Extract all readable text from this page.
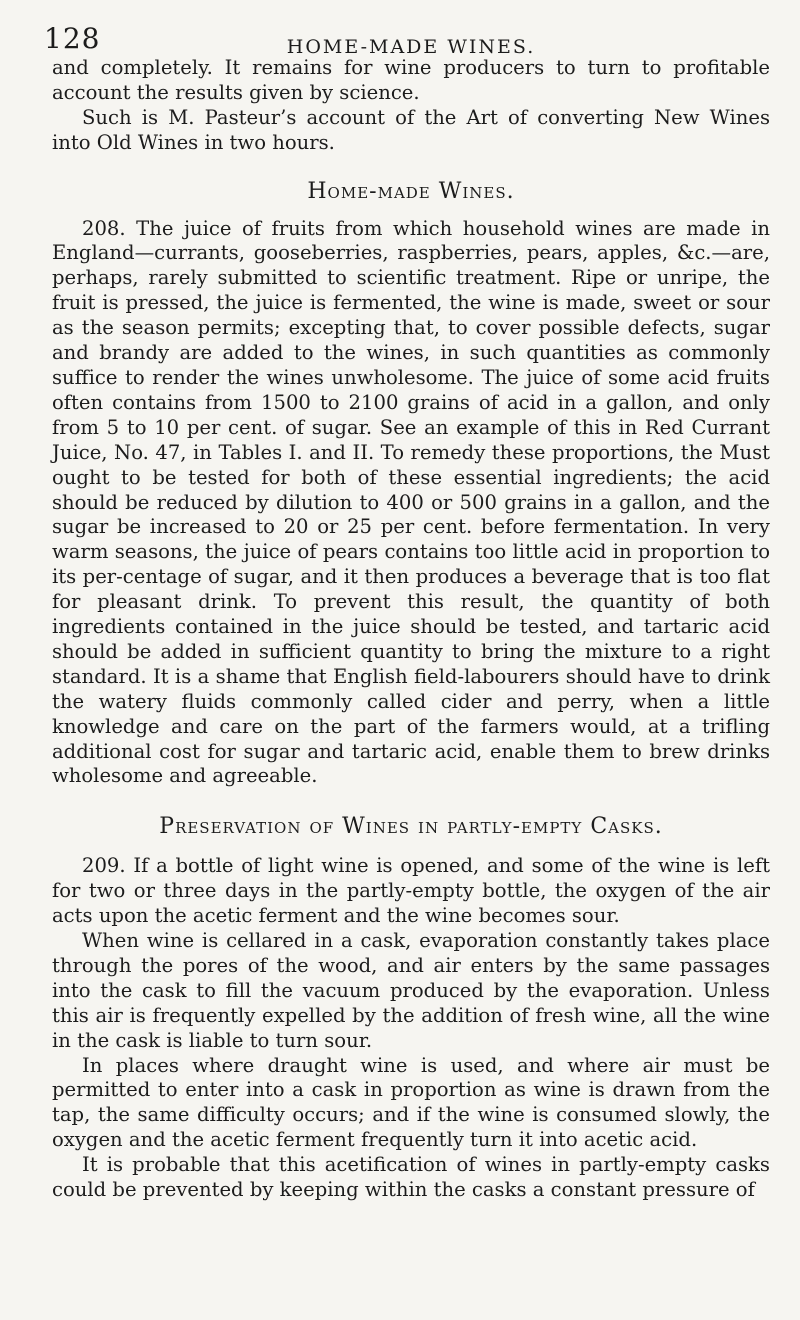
128	HOME-MADE WINES.

and completely. It remains for wine producers to turn to profitable account the results given by science.

Such is M. Pasteur’s account of the Art of converting New Wines into Old Wines in two hours.

Home-made Wines.

208. The juice of fruits from which household wines are made in England—currants, gooseberries, raspberries, pears, apples, &c.—are, perhaps, rarely submitted to scientific treatment. Ripe or unripe, the fruit is pressed, the juice is fermented, the wine is made, sweet or sour as the season permits; excepting that, to cover possible defects, sugar and brandy are added to the wines, in such quantities as commonly suffice to render the wines unwholesome. The juice of some acid fruits often contains from 1500 to 2100 grains of acid in a gallon, and only from 5 to 10 per cent. of sugar. See an example of this in Red Currant Juice, No. 47, in Tables I. and II. To remedy these proportions, the Must ought to be tested for both of these essential ingredients; the acid should be reduced by dilution to 400 or 500 grains in a gallon, and the sugar be increased to 20 or 25 per cent. before fermentation. In very warm seasons, the juice of pears contains too little acid in proportion to its per-centage of sugar, and it then produces a beverage that is too flat for pleasant drink. To prevent this result, the quantity of both ingredients contained in the juice should be tested, and tartaric acid should be added in sufficient quantity to bring the mixture to a right standard. It is a shame that English field-labourers should have to drink the watery fluids commonly called cider and perry, when a little knowledge and care on the part of the farmers would, at a trifling additional cost for sugar and tartaric acid, enable them to brew drinks wholesome and agreeable.

Preservation of Wines in partly-empty Casks.

209. If a bottle of light wine is opened, and some of the wine is left for two or three days in the partly-empty bottle, the oxygen of the air acts upon the acetic ferment and the wine becomes sour.

When wine is cellared in a cask, evaporation constantly takes place through the pores of the wood, and air enters by the same passages into the cask to fill the vacuum produced by the evaporation. Unless this air is frequently expelled by the addition of fresh wine, all the wine in the cask is liable to turn sour.

In places where draught wine is used, and where air must be permitted to enter into a cask in proportion as wine is drawn from the tap, the same difficulty occurs; and if the wine is consumed slowly, the oxygen and the acetic ferment frequently turn it into acetic acid.

It is probable that this acetification of wines in partly-empty casks could be prevented by keeping within the casks a constant pressure of
